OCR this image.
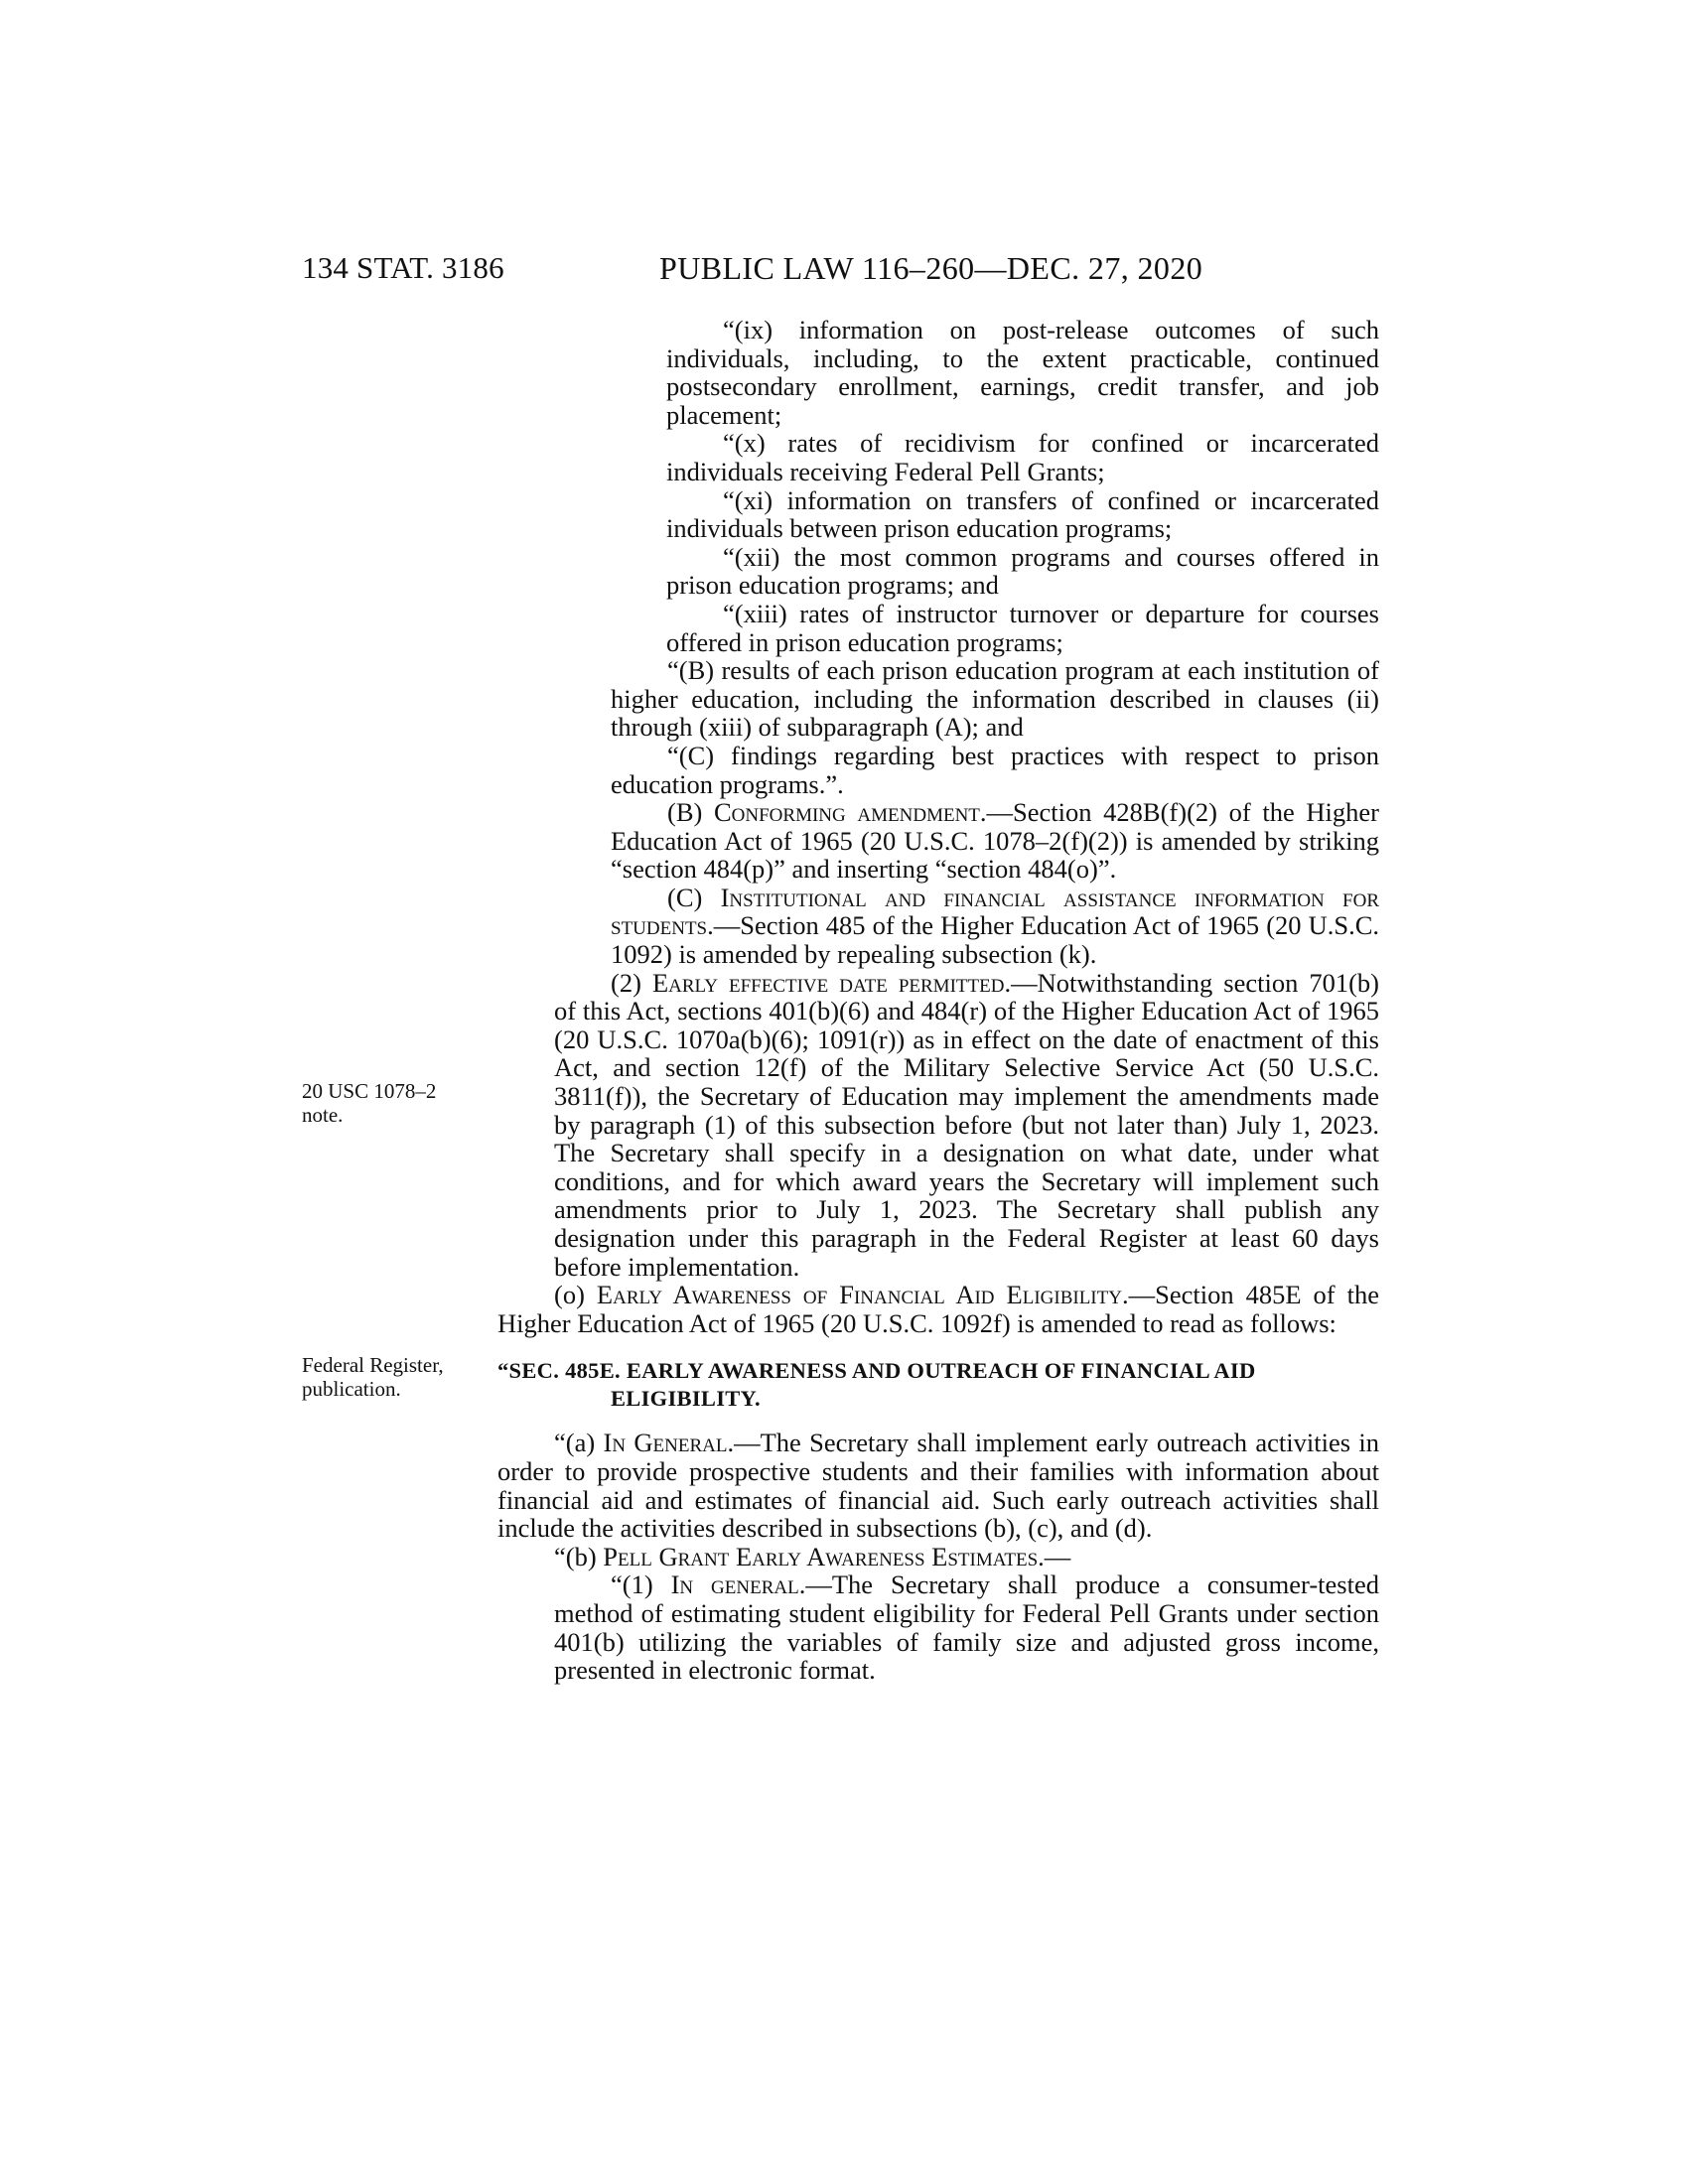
134 STAT. 3186	PUBLIC LAW 116–260—DEC. 27, 2020
20 USC 1078–2
note.
Federal Register,
publication.

“(ix) information on post-release outcomes of such individuals, including, to the extent practicable, continued postsecondary enrollment, earnings, credit transfer, and job placement;

“(x) rates of recidivism for confined or incarcerated individuals receiving Federal Pell Grants;

“(xi) information on transfers of confined or incarcerated individuals between prison education programs;

“(xii) the most common programs and courses offered in prison education programs; and

“(xiii) rates of instructor turnover or departure for courses offered in prison education programs;

“(B) results of each prison education program at each institution of higher education, including the information described in clauses (ii) through (xiii) of subparagraph (A); and

“(C) findings regarding best practices with respect to prison education programs.”.

(B) Conforming amendment.—Section 428B(f)(2) of the Higher Education Act of 1965 (20 U.S.C. 1078–2(f)(2)) is amended by striking “section 484(p)” and inserting “section 484(o)”.

(C) Institutional and financial assistance information for students.—Section 485 of the Higher Education Act of 1965 (20 U.S.C. 1092) is amended by repealing subsection (k).

(2) Early effective date permitted.—Notwithstanding section 701(b) of this Act, sections 401(b)(6) and 484(r) of the Higher Education Act of 1965 (20 U.S.C. 1070a(b)(6); 1091(r)) as in effect on the date of enactment of this Act, and section 12(f) of the Military Selective Service Act (50 U.S.C. 3811(f)), the Secretary of Education may implement the amendments made by paragraph (1) of this subsection before (but not later than) July 1, 2023. The Secretary shall specify in a designation on what date, under what conditions, and for which award years the Secretary will implement such amendments prior to July 1, 2023. The Secretary shall publish any designation under this paragraph in the Federal Register at least 60 days before implementation.

(o) Early Awareness of Financial Aid Eligibility.—Section 485E of the Higher Education Act of 1965 (20 U.S.C. 1092f) is amended to read as follows:

“SEC. 485E. EARLY AWARENESS AND OUTREACH OF FINANCIAL AID ELIGIBILITY.

“(a) In General.—The Secretary shall implement early outreach activities in order to provide prospective students and their families with information about financial aid and estimates of financial aid. Such early outreach activities shall include the activities described in subsections (b), (c), and (d).

“(b) Pell Grant Early Awareness Estimates.—

“(1) In general.—The Secretary shall produce a consumer-tested method of estimating student eligibility for Federal Pell Grants under section 401(b) utilizing the variables of family size and adjusted gross income, presented in electronic format.
